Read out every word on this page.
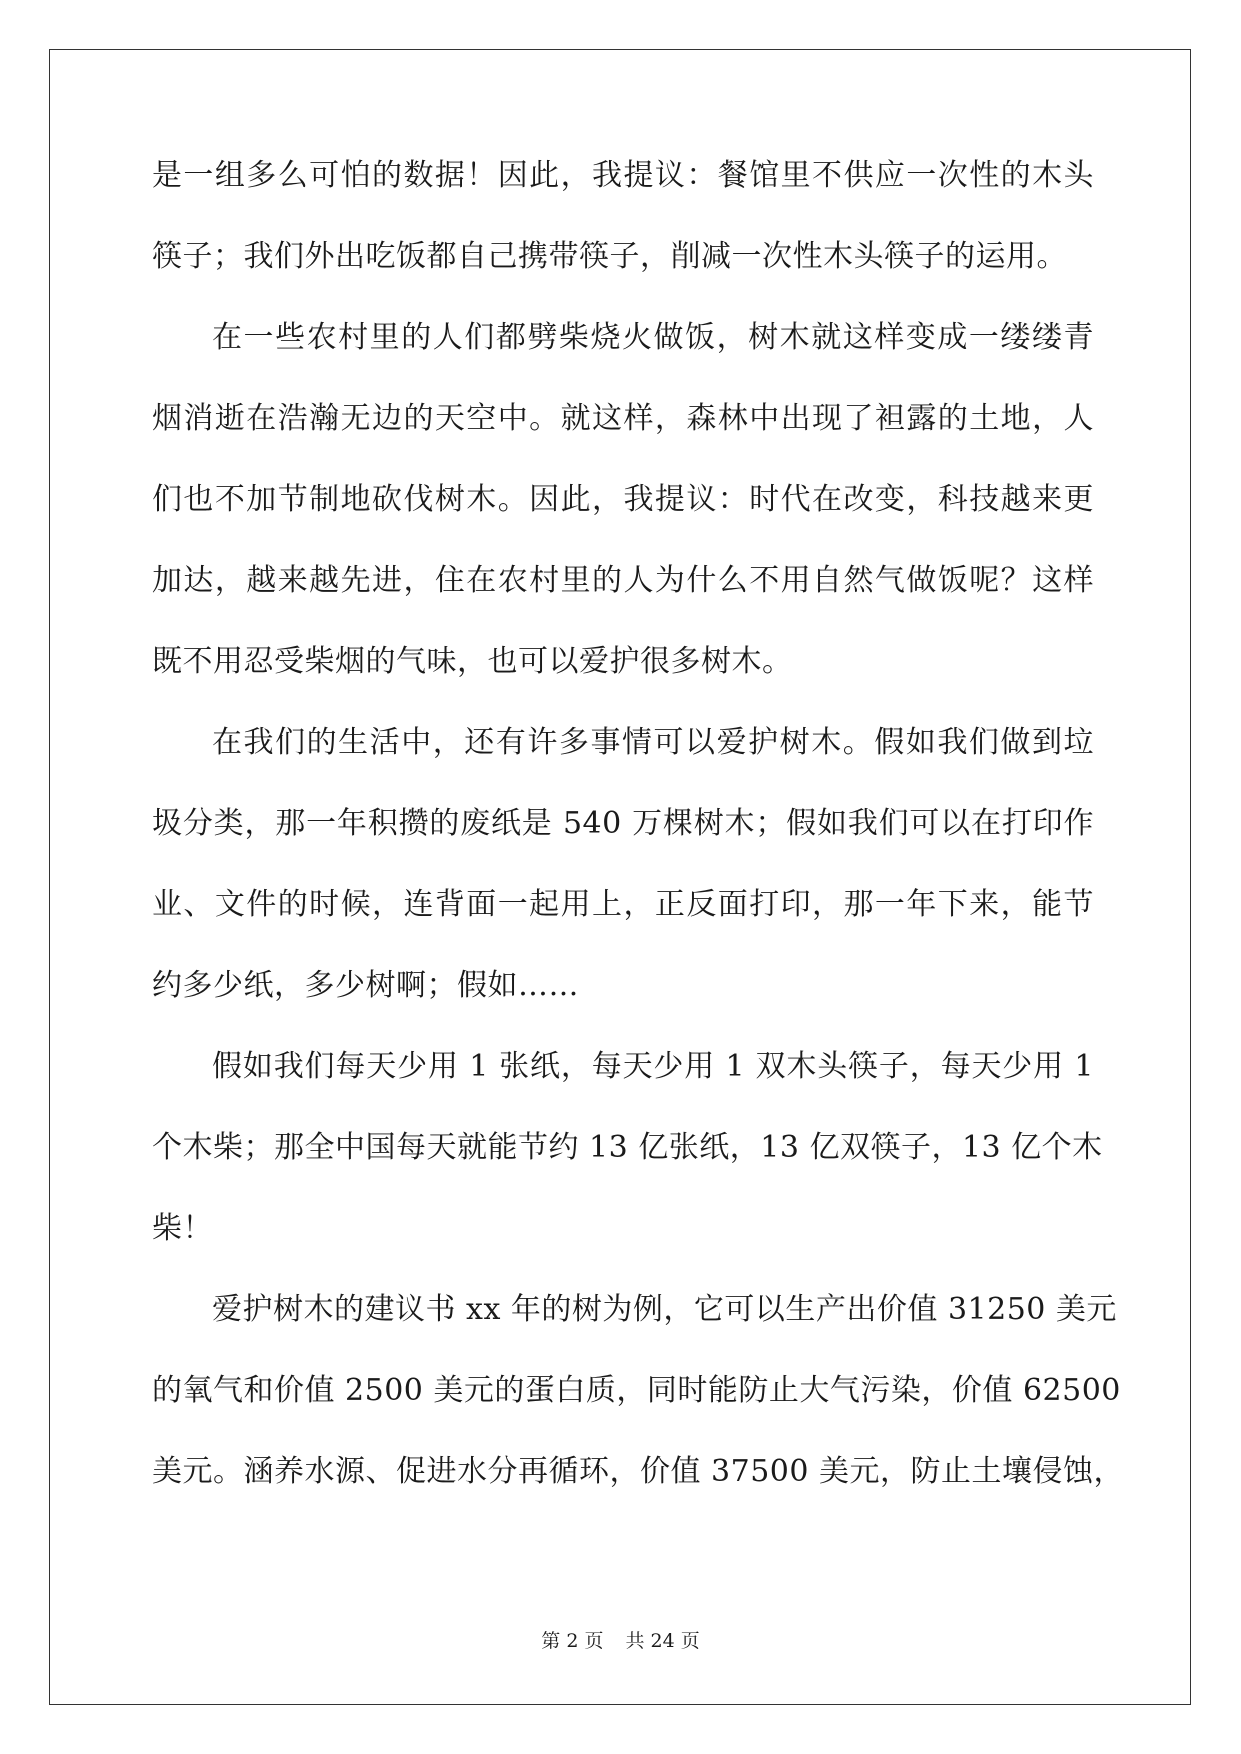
是一组多么可怕的数据！因此，我提议：餐馆里不供应一次性的木头
筷子；我们外出吃饭都自己携带筷子，削减一次性木头筷子的运用。
在一些农村里的人们都劈柴烧火做饭，树木就这样变成一缕缕青
烟消逝在浩瀚无边的天空中。就这样，森林中出现了袒露的土地，人
们也不加节制地砍伐树木。因此，我提议：时代在改变，科技越来更
加达，越来越先进，住在农村里的人为什么不用自然气做饭呢？这样
既不用忍受柴烟的气味，也可以爱护很多树木。
在我们的生活中，还有许多事情可以爱护树木。假如我们做到垃
圾分类，那一年积攒的废纸是 540 万棵树木；假如我们可以在打印作
业、文件的时候，连背面一起用上，正反面打印，那一年下来，能节
约多少纸，多少树啊；假如……
假如我们每天少用 1 张纸，每天少用 1 双木头筷子，每天少用 1
个木柴；那全中国每天就能节约 13 亿张纸，13 亿双筷子，13 亿个木
柴！
爱护树木的建议书 xx 年的树为例，它可以生产出价值 31250 美元
的氧气和价值 2500 美元的蛋白质，同时能防止大气污染，价值 62500
美元。涵养水源、促进水分再循环，价值 37500 美元，防止土壤侵蚀，
第 2 页 共 24 页
